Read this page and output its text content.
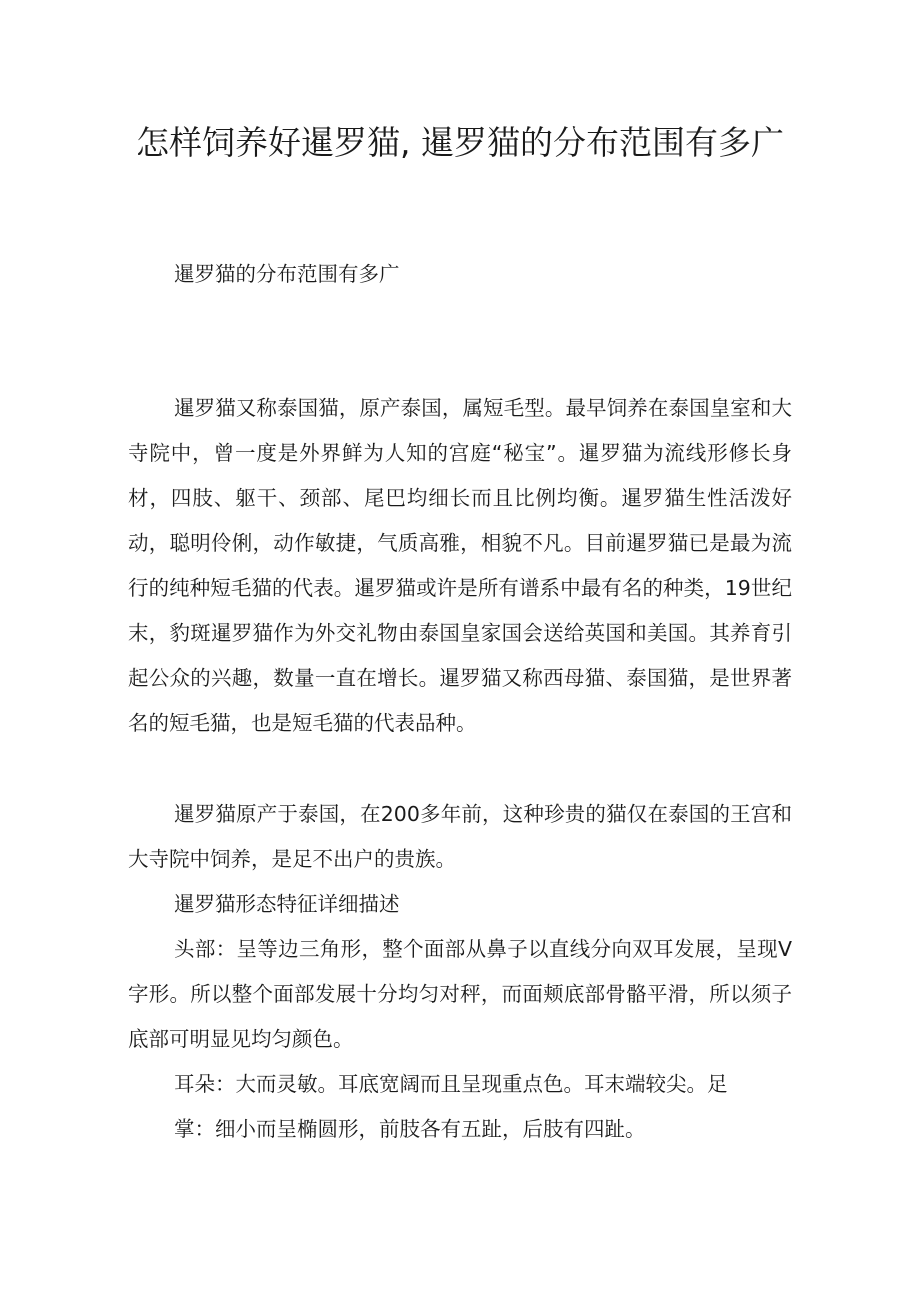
怎样饲养好暹罗猫, 暹罗猫的分布范围有多广

暹罗猫的分布范围有多广

暹罗猫又称泰国猫，原产泰国，属短毛型。最早饲养在泰国皇室和大寺院中，曾一度是外界鲜为人知的宫庭“秘宝”。暹罗猫为流线形修长身材，四肢、躯干、颈部、尾巴均细长而且比例均衡。暹罗猫生性活泼好动，聪明伶俐，动作敏捷，气质高雅，相貌不凡。目前暹罗猫已是最为流行的纯种短毛猫的代表。暹罗猫或许是所有谱系中最有名的种类，19世纪末，豹斑暹罗猫作为外交礼物由泰国皇家国会送给英国和美国。其养育引起公众的兴趣，数量一直在增长。暹罗猫又称西母猫、泰国猫，是世界著名的短毛猫，也是短毛猫的代表品种。

暹罗猫原产于泰国，在200多年前，这种珍贵的猫仅在泰国的王宫和大寺院中饲养，是足不出户的贵族。

暹罗猫形态特征详细描述

头部：呈等边三角形，整个面部从鼻子以直线分向双耳发展，呈现V字形。所以整个面部发展十分均匀对秤，而面颊底部骨骼平滑，所以须子底部可明显见均匀颜色。

耳朵：大而灵敏。耳底宽阔而且呈现重点色。耳末端较尖。足

掌：细小而呈椭圆形，前肢各有五趾，后肢有四趾。
